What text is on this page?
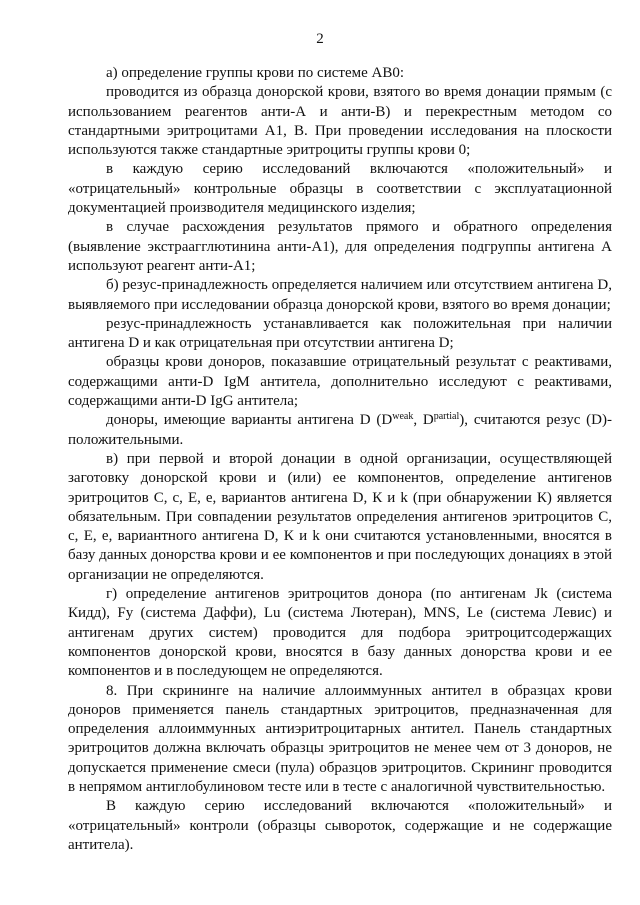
2

а) определение группы крови по системе АВ0:

проводится из образца донорской крови, взятого во время донации прямым (с использованием реагентов анти-А и анти-В) и перекрестным методом со стандартными эритроцитами А1, В. При проведении исследования на плоскости используются также стандартные эритроциты группы крови 0;

в каждую серию исследований включаются «положительный» и «отрицательный» контрольные образцы в соответствии с эксплуатационной документацией производителя медицинского изделия;

в случае расхождения результатов прямого и обратного определения (выявление экстраагглютинина анти-А1), для определения подгруппы антигена А используют реагент анти-А1;

б) резус-принадлежность определяется наличием или отсутствием антигена D, выявляемого при исследовании образца донорской крови, взятого во время донации;

резус-принадлежность устанавливается как положительная при наличии антигена D и как отрицательная при отсутствии антигена D;

образцы крови доноров, показавшие отрицательный результат с реактивами, содержащими анти-D IgM антитела, дополнительно исследуют с реактивами, содержащими анти-D IgG антитела;

доноры, имеющие варианты антигена D ($D^{weak}$, $D^{partial}$), считаются резус (D)-положительными.

в) при первой и второй донации в одной организации, осуществляющей заготовку донорской крови и (или) ее компонентов, определение антигенов эритроцитов С, с, Е, е, вариантов антигена D, К и k (при обнаружении К) является обязательным. При совпадении результатов определения антигенов эритроцитов С, с, Е, е, вариантного антигена D, К и k они считаются установленными, вносятся в базу данных донорства крови и ее компонентов и при последующих донациях в этой организации не определяются.

г) определение антигенов эритроцитов донора (по антигенам Jk (система Кидд), Fy (система Даффи), Lu (система Лютеран), MNS, Le (система Левис) и антигенам других систем) проводится для подбора эритроцитсодержащих компонентов донорской крови, вносятся в базу данных донорства крови и ее компонентов и в последующем не определяются.

8. При скрининге на наличие аллоиммунных антител в образцах крови доноров применяется панель стандартных эритроцитов, предназначенная для определения аллоиммунных антиэритроцитарных антител. Панель стандартных эритроцитов должна включать образцы эритроцитов не менее чем от 3 доноров, не допускается применение смеси (пула) образцов эритроцитов. Скрининг проводится в непрямом антиглобулиновом тесте или в тесте с аналогичной чувствительностью.

В каждую серию исследований включаются «положительный» и «отрицательный» контроли (образцы сывороток, содержащие и не содержащие антитела).
